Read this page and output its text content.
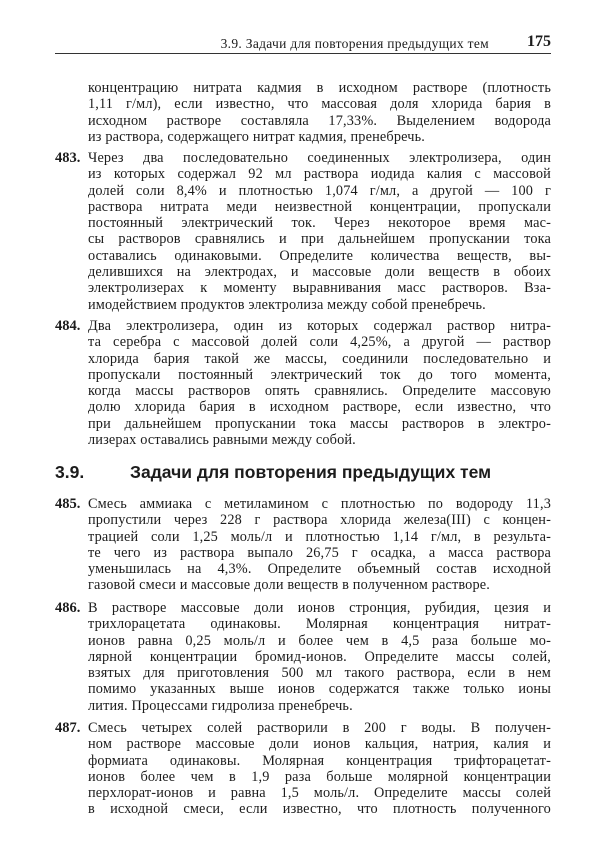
3.9. Задачи для повторения предыдущих тем 175
3.9.	Задачи для повторения предыдущих тем
концентрацию нитрата кадмия в исходном растворе (плотность
1,11 г/мл), если известно, что массовая доля хлорида бария в
исходном растворе составляла 17,33%. Выделением водорода
из раствора, содержащего нитрат кадмия, пренебречь.
483. Через два последовательно соединенных электролизера, один
из которых содержал 92 мл раствора иодида калия с массовой
долей соли 8,4% и плотностью 1,074 г/мл, а другой — 100 г
раствора нитрата меди неизвестной концентрации, пропускали
постоянный электрический ток. Через некоторое время мас-
сы растворов сравнялись и при дальнейшем пропускании тока
оставались одинаковыми. Определите количества веществ, вы-
делившихся на электродах, и массовые доли веществ в обоих
электролизерах к моменту выравнивания масс растворов. Вза-
имодействием продуктов электролиза между собой пренебречь.
484. Два электролизера, один из которых содержал раствор нитра-
та серебра с массовой долей соли 4,25%, а другой — раствор
хлорида бария такой же массы, соединили последовательно и
пропускали постоянный электрический ток до того момента,
когда массы растворов опять сравнялись. Определите массовую
долю хлорида бария в исходном растворе, если известно, что
при дальнейшем пропускании тока массы растворов в электро-
лизерах оставались равными между собой.
485. Смесь аммиака с метиламином с плотностью по водороду 11,3
пропустили через 228 г раствора хлорида железа(III) с концен-
трацией соли 1,25 моль/л и плотностью 1,14 г/мл, в результа-
те чего из раствора выпало 26,75 г осадка, а масса раствора
уменьшилась на 4,3%. Определите объемный состав исходной
газовой смеси и массовые доли веществ в полученном растворе.
486. В растворе массовые доли ионов стронция, рубидия, цезия и
трихлорацетата одинаковы. Молярная концентрация нитрат-
ионов равна 0,25 моль/л и более чем в 4,5 раза больше мо-
лярной концентрации бромид-ионов. Определите массы солей,
взятых для приготовления 500 мл такого раствора, если в нем
помимо указанных выше ионов содержатся также только ионы
лития. Процессами гидролиза пренебречь.
487. Смесь четырех солей растворили в 200 г воды. В получен-
ном растворе массовые доли ионов кальция, натрия, калия и
формиата одинаковы. Молярная концентрация трифторацетат-
ионов более чем в 1,9 раза больше молярной концентрации
перхлорат-ионов и равна 1,5 моль/л. Определите массы солей
в исходной смеси, если известно, что плотность полученного
